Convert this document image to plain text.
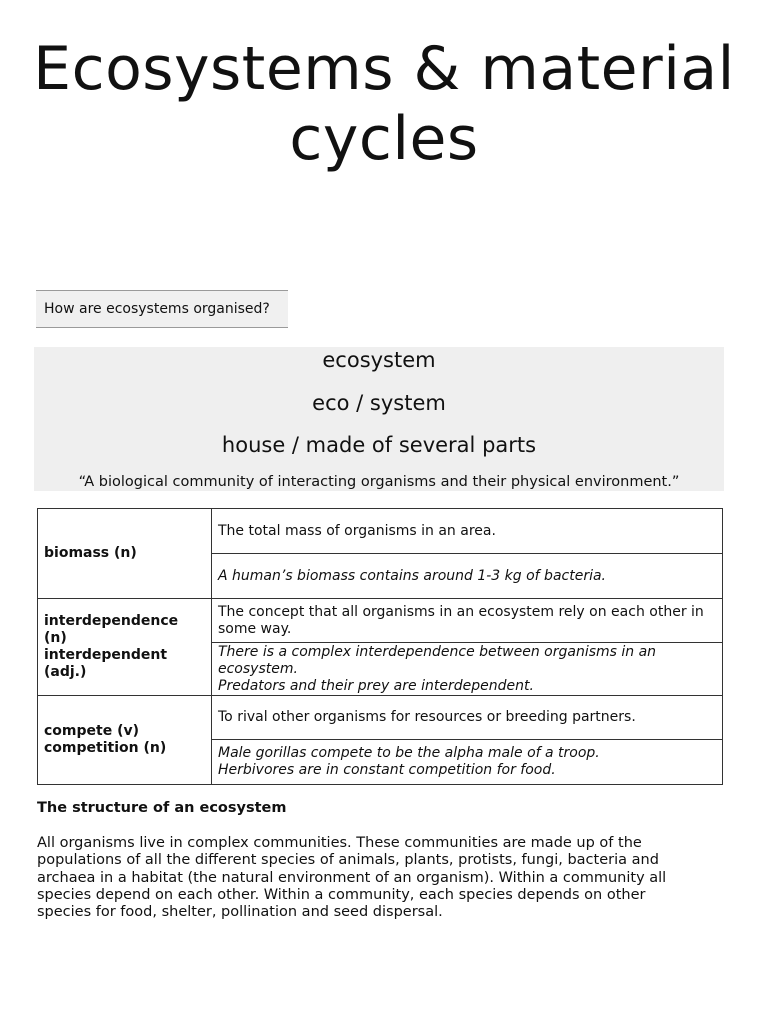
Ecosystems & material cycles
How are ecosystems organised?
ecosystem
eco / system
house / made of several parts
“A biological community of interacting organisms and their physical environment.”
biomass (n)	The total mass of organisms in an area.

	A human’s biomass contains around 1-3 kg of bacteria.

interdependence (n)
interdependent (adj.)	The concept that all organisms in an ecosystem rely on each other in some way.

	There is a complex interdependence between organisms in an ecosystem.
Predators and their prey are interdependent.

compete (v)
competition (n)	To rival other organisms for resources or breeding partners.

	Male gorillas compete to be the alpha male of a troop.
Herbivores are in constant competition for food.
The structure of an ecosystem

All organisms live in complex communities. These communities are made up of the populations of all the different species of animals, plants, protists, fungi, bacteria and archaea in a habitat (the natural environment of an organism). Within a community all species depend on each other. Within a community, each species depends on other species for food, shelter, pollination and seed dispersal.
